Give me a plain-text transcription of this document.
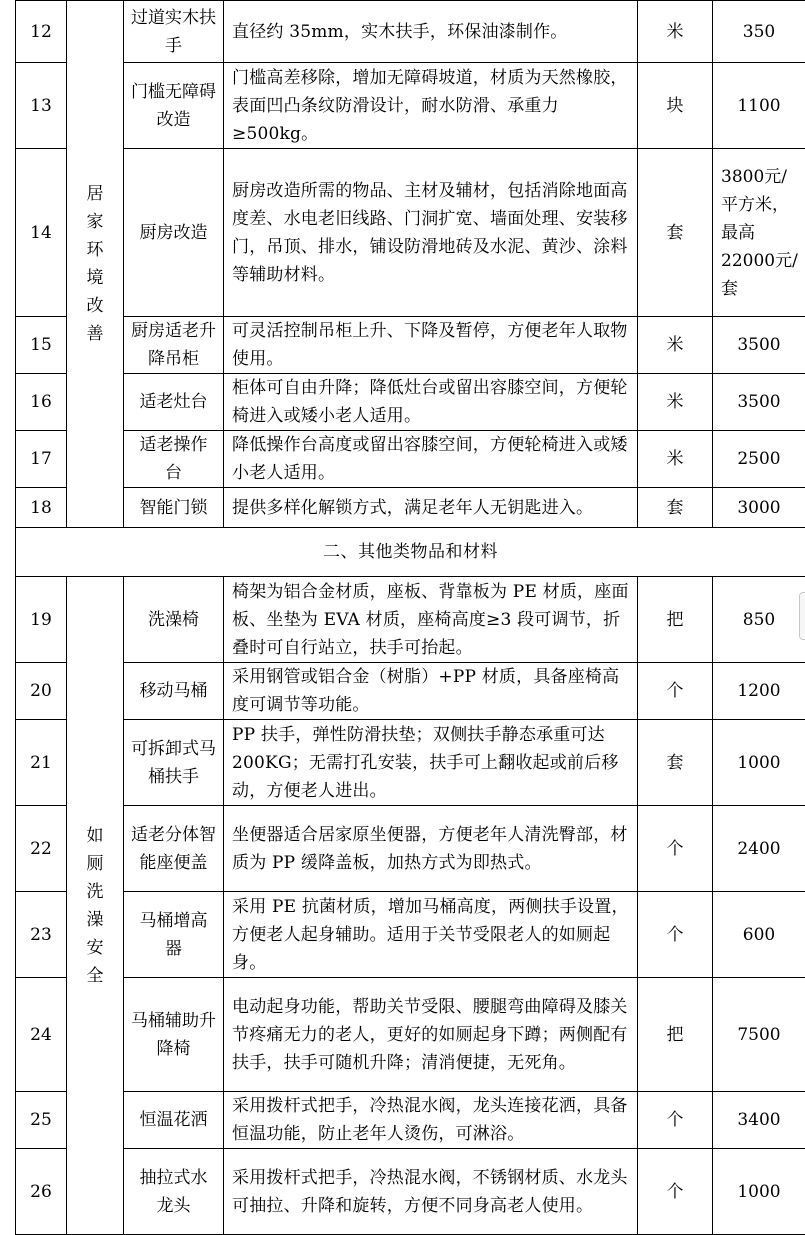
12	居家环境改善	过道实木扶手	直径约 35mm，实木扶手，环保油漆制作。	米	350
13		门槛无障碍改造	门槛高差移除，增加无障碍坡道，材质为天然橡胶，表面凹凸条纹防滑设计，耐水防滑、承重力≥500kg。	块	1100
14		厨房改造	厨房改造所需的物品、主材及辅材，包括消除地面高度差、水电老旧线路、门洞扩宽、墙面处理、安装移门，吊顶、排水，铺设防滑地砖及水泥、黄沙、涂料等辅助材料。	套	3800元/平方米，最高22000元/套
15		厨房适老升降吊柜	可灵活控制吊柜上升、下降及暂停，方便老年人取物使用。	米	3500
16		适老灶台	柜体可自由升降；降低灶台或留出容膝空间，方便轮椅进入或矮小老人适用。	米	3500
17		适老操作台	降低操作台高度或留出容膝空间，方便轮椅进入或矮小老人适用。	米	2500
18		智能门锁	提供多样化解锁方式，满足老年人无钥匙进入。	套	3000
二、其他类物品和材料					
19	如厕洗澡安全	洗澡椅	椅架为铝合金材质，座板、背靠板为 PE 材质，座面板、坐垫为 EVA 材质，座椅高度≥3 段可调节，折叠时可自行站立，扶手可抬起。	把	850
20		移动马桶	采用钢管或铝合金（树脂）+PP 材质，具备座椅高度可调节等功能。	个	1200
21		可拆卸式马桶扶手	PP 扶手，弹性防滑扶垫；双侧扶手静态承重可达 200KG；无需打孔安装，扶手可上翻收起或前后移动，方便老人进出。	套	1000
22		适老分体智能座便盖	坐便器适合居家原坐便器，方便老年人清洗臀部，材质为 PP 缓降盖板，加热方式为即热式。	个	2400
23		马桶增高器	采用 PE 抗菌材质，增加马桶高度，两侧扶手设置，方便老人起身辅助。适用于关节受限老人的如厕起身。	个	600
24		马桶辅助升降椅	电动起身功能，帮助关节受限、腰腿弯曲障碍及膝关节疼痛无力的老人，更好的如厕起身下蹲；两侧配有扶手，扶手可随机升降；清消便捷，无死角。	把	7500
25		恒温花洒	采用拨杆式把手，冷热混水阀，龙头连接花洒，具备恒温功能，防止老年人烫伤，可淋浴。	个	3400
26		抽拉式水龙头	采用拨杆式把手，冷热混水阀，不锈钢材质、水龙头可抽拉、升降和旋转，方便不同身高老人使用。	个	1000
